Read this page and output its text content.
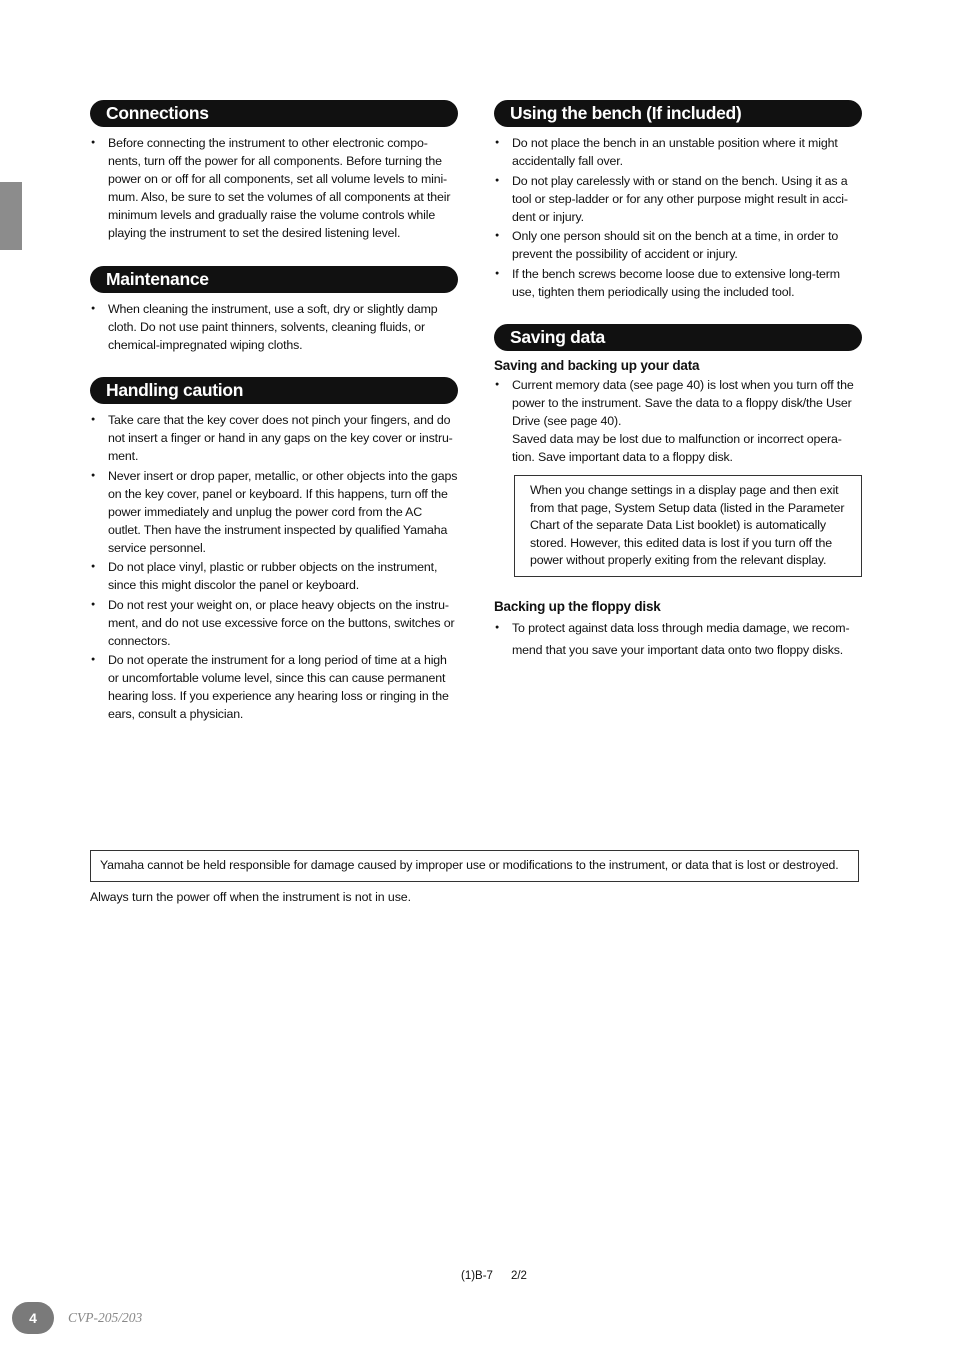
Connections
● Before connecting the instrument to other electronic compo-nents, turn off the power for all components. Before turning the power on or off for all components, set all volume levels to mini-mum. Also, be sure to set the volumes of all components at their minimum levels and gradually raise the volume controls while playing the instrument to set the desired listening level.
Maintenance
● When cleaning the instrument, use a soft, dry or slightly damp cloth. Do not use paint thinners, solvents, cleaning fluids, or chemical-impregnated wiping cloths.
Handling caution
● Take care that the key cover does not pinch your fingers, and do not insert a finger or hand in any gaps on the key cover or instru-ment.
● Never insert or drop paper, metallic, or other objects into the gaps on the key cover, panel or keyboard. If this happens, turn off the power immediately and unplug the power cord from the AC outlet. Then have the instrument inspected by qualified Yamaha service personnel.
● Do not place vinyl, plastic or rubber objects on the instrument, since this might discolor the panel or keyboard.
● Do not rest your weight on, or place heavy objects on the instru-ment, and do not use excessive force on the buttons, switches or connectors.
● Do not operate the instrument for a long period of time at a high or uncomfortable volume level, since this can cause permanent hearing loss. If you experience any hearing loss or ringing in the ears, consult a physician.
Using the bench (If included)
● Do not place the bench in an unstable position where it might accidentally fall over.
● Do not play carelessly with or stand on the bench. Using it as a tool or step-ladder or for any other purpose might result in acci-dent or injury.
● Only one person should sit on the bench at a time, in order to prevent the possibility of accident or injury.
● If the bench screws become loose due to extensive long-term use, tighten them periodically using the included tool.
Saving data
Saving and backing up your data
● Current memory data (see page 40) is lost when you turn off the power to the instrument. Save the data to a floppy disk/the User Drive (see page 40).
Saved data may be lost due to malfunction or incorrect opera-tion. Save important data to a floppy disk.
When you change settings in a display page and then exit from that page, System Setup data (listed in the Parameter Chart of the separate Data List booklet) is automatically stored. However, this edited data is lost if you turn off the power without properly exiting from the relevant display.
Backing up the floppy disk
● To protect against data loss through media damage, we recom-mend that you save your important data onto two floppy disks.
Yamaha cannot be held responsible for damage caused by improper use or modifications to the instrument, or data that is lost or destroyed.
Always turn the power off when the instrument is not in use.
(1)B-7 2/2
4	CVP-205/203
